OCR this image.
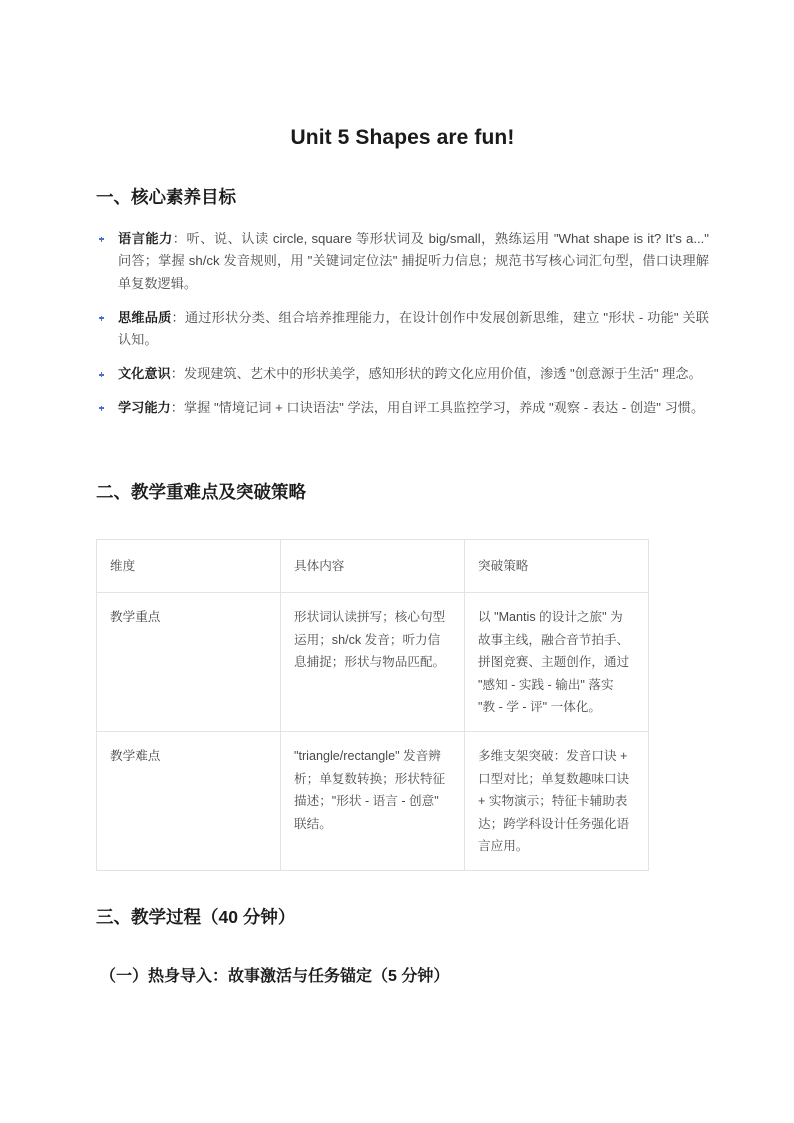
Unit 5 Shapes are fun!
一、核心素养目标
语言能力：听、说、认读 circle, square 等形状词及 big/small，熟练运用 "What shape is it? It's a..." 问答；掌握 sh/ck 发音规则，用 "关键词定位法" 捕捉听力信息；规范书写核心词汇句型，借口诀理解单复数逻辑。
思维品质：通过形状分类、组合培养推理能力，在设计创作中发展创新思维，建立 "形状 - 功能" 关联认知。
文化意识：发现建筑、艺术中的形状美学，感知形状的跨文化应用价值，渗透 "创意源于生活" 理念。
学习能力：掌握 "情境记词 + 口诀语法" 学法，用自评工具监控学习，养成 "观察 - 表达 - 创造" 习惯。
二、教学重难点及突破策略
维度	具体内容	突破策略
教学重点	形状词认读拼写；核心句型运用；sh/ck 发音；听力信息捕捉；形状与物品匹配。	以 "Mantis 的设计之旅" 为故事主线，融合音节拍手、拼图竞赛、主题创作，通过 "感知 - 实践 - 输出" 落实 "教 - 学 - 评" 一体化。
教学难点	"triangle/rectangle" 发音辨析；单复数转换；形状特征描述；"形状 - 语言 - 创意" 联结。	多维支架突破：发音口诀 + 口型对比；单复数趣味口诀 + 实物演示；特征卡辅助表达；跨学科设计任务强化语言应用。
三、教学过程（40 分钟）
（一）热身导入：故事激活与任务锚定（5 分钟）
